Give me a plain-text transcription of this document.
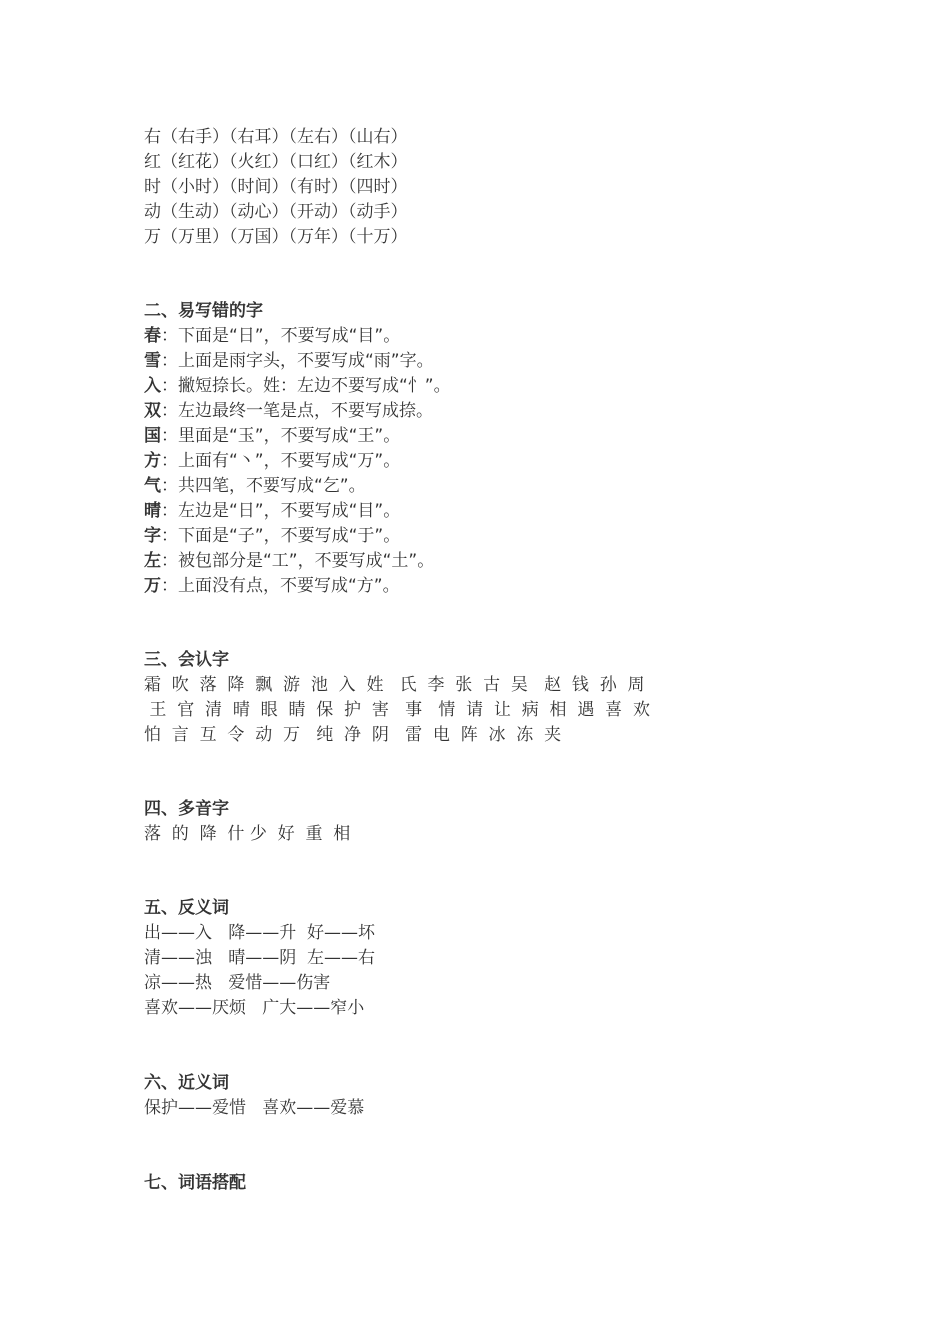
右（右手）（右耳）（左右）（山右）
红（红花）（火红）（口红）（红木）
时（小时）（时间）（有时）（四时）
动（生动）（动心）（开动）（动手）
万（万里）（万国）（万年）（十万）
二、易写错的字
春：下面是“日”，不要写成“目”。
雪：上面是雨字头，不要写成“雨”字。
入：撇短捺长。姓：左边不要写成“忄”。
双：左边最终一笔是点，不要写成捺。
国：里面是“玉”，不要写成“王”。
方：上面有“丶”，不要写成“万”。
气：共四笔，不要写成“乞”。
晴：左边是“日”，不要写成“目”。
字：下面是“子”，不要写成“于”。
左：被包部分是“工”，不要写成“土”。
万：上面没有点，不要写成“方”。
三、会认字
霜  吹  落  降  飘  游  池  入  姓   氏  李  张  古  吴   赵  钱  孙  周
王  官  清  晴  眼  睛  保  护  害   事   情  请  让  病  相  遇  喜  欢
怕  言  互  令  动  万   纯  净  阴   雷  电  阵  冰  冻  夹
四、多音字
落  的  降  什 少  好  重  相
五、反义词
出——入   降——升  好——坏
清——浊   晴——阴  左——右
凉——热   爱惜——伤害
喜欢——厌烦   广大——窄小
六、近义词
保护——爱惜   喜欢——爱慕
七、词语搭配
